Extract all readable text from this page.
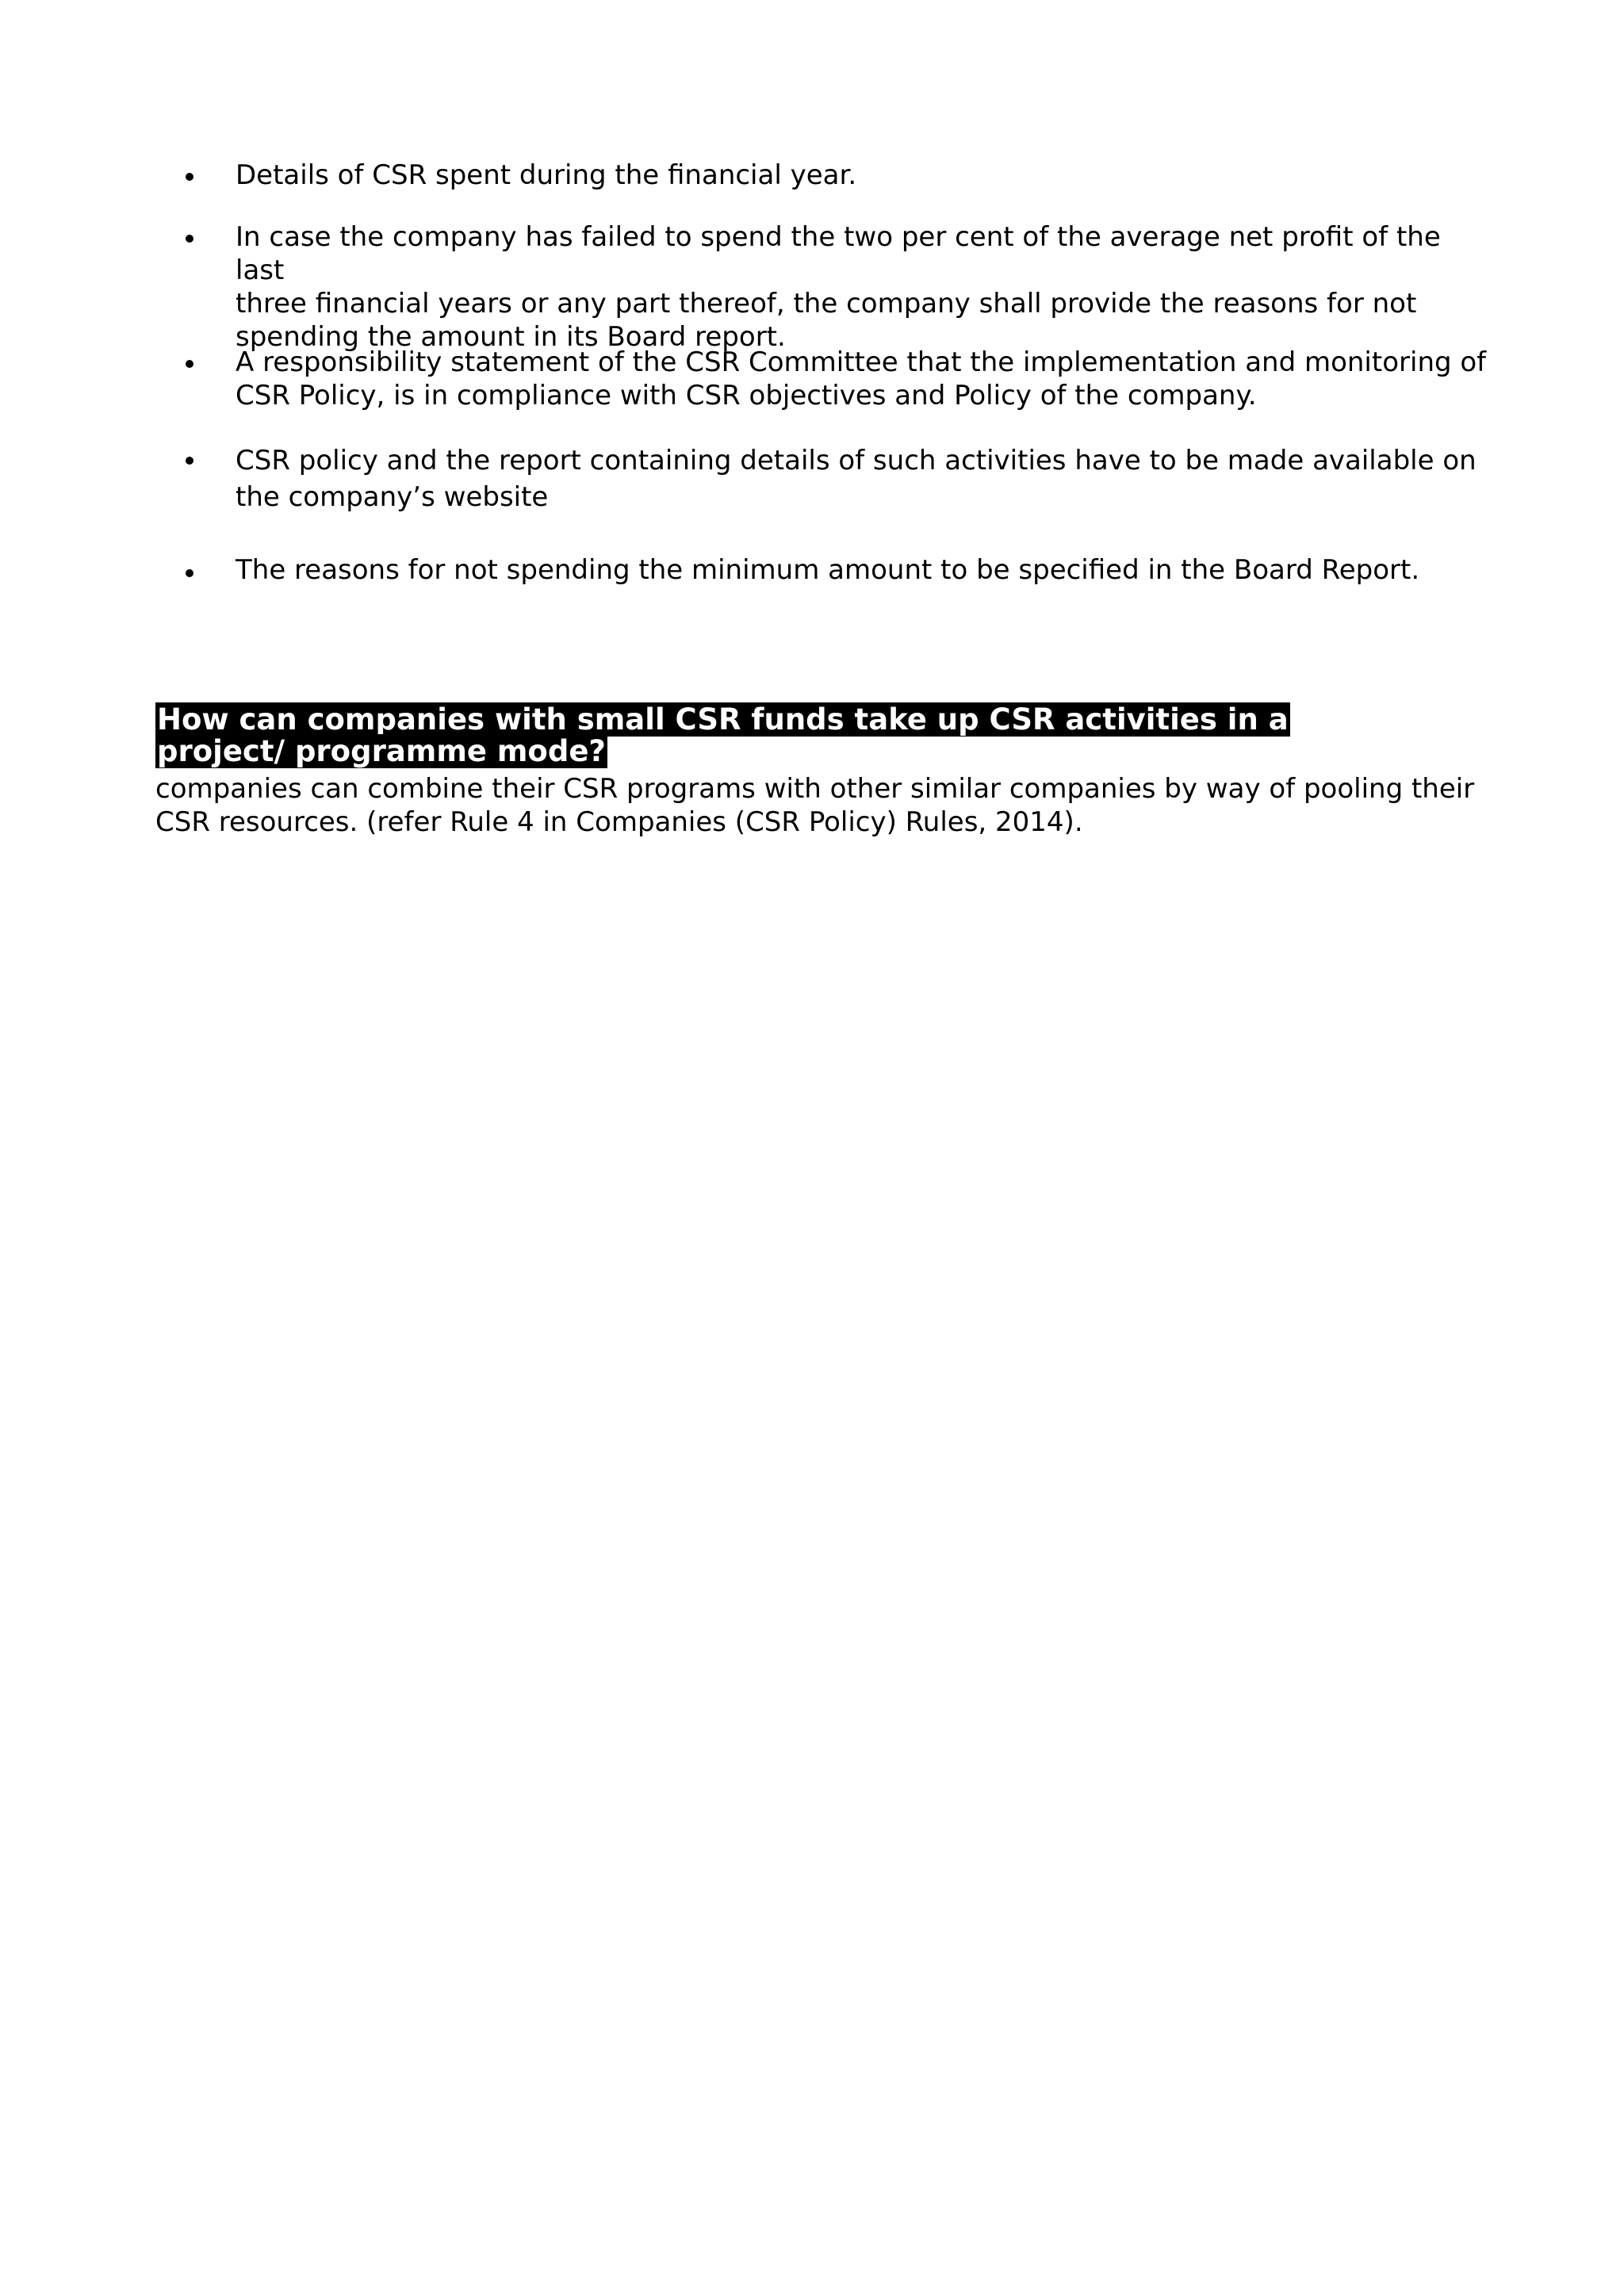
Details of CSR spent during the financial year.
In case the company has failed to spend the two per cent of the average net profit of the last
three financial years or any part thereof, the company shall provide the reasons for not
spending the amount in its Board report.
A responsibility statement of the CSR Committee that the implementation and monitoring of
CSR Policy, is in compliance with CSR objectives and Policy of the company.
CSR policy and the report containing details of such activities have to be made available on
the company’s website
The reasons for not spending the minimum amount to be specified in the Board Report.
How can companies with small CSR funds take up CSR activities in a project/ programme mode?
companies can combine their CSR programs with other similar companies by way of pooling their
CSR resources. (refer Rule 4 in Companies (CSR Policy) Rules, 2014).
